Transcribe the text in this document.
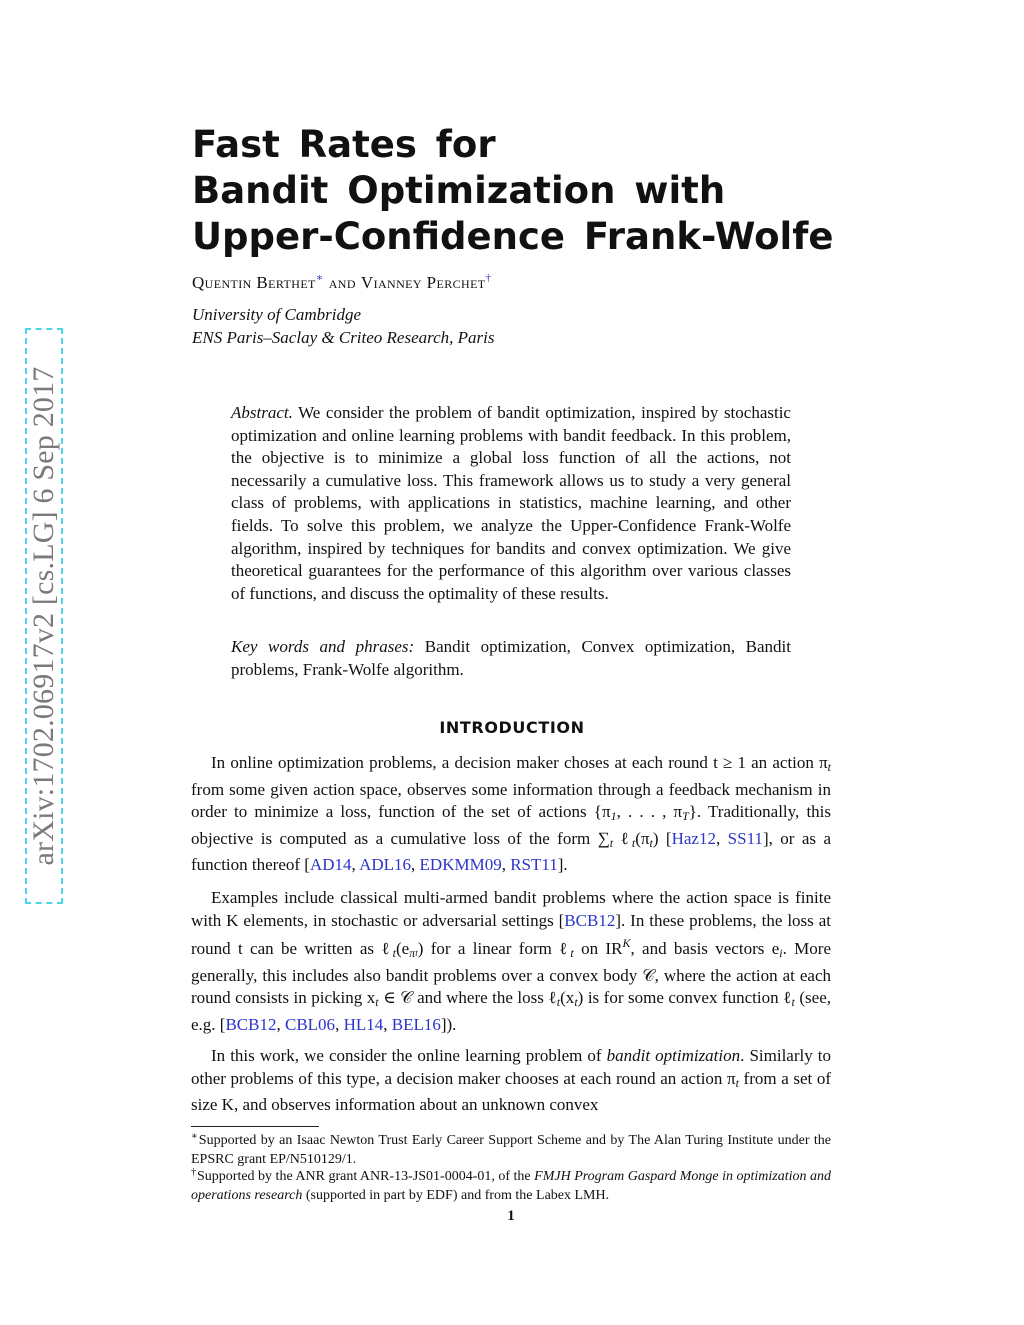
arXiv:1702.06917v2 [cs.LG] 6 Sep 2017
Fast Rates for
Bandit Optimization with
Upper-Confidence Frank-Wolfe
Quentin Berthet∗ and Vianney Perchet†
University of Cambridge
ENS Paris–Saclay & Criteo Research, Paris
Abstract. We consider the problem of bandit optimization, inspired by stochastic optimization and online learning problems with bandit feedback. In this problem, the objective is to minimize a global loss function of all the actions, not necessarily a cumulative loss. This framework allows us to study a very general class of problems, with applications in statistics, machine learning, and other fields. To solve this problem, we analyze the Upper-Confidence Frank-Wolfe algorithm, inspired by techniques for bandits and convex optimization. We give theoretical guarantees for the performance of this algorithm over various classes of functions, and discuss the optimality of these results.
Key words and phrases: Bandit optimization, Convex optimization, Bandit problems, Frank-Wolfe algorithm.
INTRODUCTION
In online optimization problems, a decision maker choses at each round t ≥ 1 an action $\pi_t$ from some given action space, observes some information through a feedback mechanism in order to minimize a loss, function of the set of actions {$\pi_1$, . . . , $\pi_T$}. Traditionally, this objective is computed as a cumulative loss of the form $\sum_t$ $\ell_t(\pi_t)$ [Haz12, SS11], or as a function thereof [AD14, ADL16, EDKMM09, RST11].
Examples include classical multi-armed bandit problems where the action space is finite with K elements, in stochastic or adversarial settings [BCB12]. In these problems, the loss at round t can be written as $\ell_t(e_\pi t)$ for a linear form ℓ$_t$ on $IR^K$, and basis vectors $e_i$. More generally, this includes also bandit problems over a convex body 𝒞, where the action at each round consists in picking $x_t$ ∈ 𝒞 and where the loss $\ell_t(x_t)$ is for some convex function ℓ$_t$ (see, e.g. [BCB12, CBL06, HL14, BEL16]).
In this work, we consider the online learning problem of bandit optimization. Similarly to other problems of this type, a decision maker chooses at each round an action $\pi_t$ from a set of size K, and observes information about an unknown convex
∗Supported by an Isaac Newton Trust Early Career Support Scheme and by The Alan Turing Institute under the EPSRC grant EP/N510129/1.
†Supported by the ANR grant ANR-13-JS01-0004-01, of the FMJH Program Gaspard Monge in optimization and operations research (supported in part by EDF) and from the Labex LMH.
1
